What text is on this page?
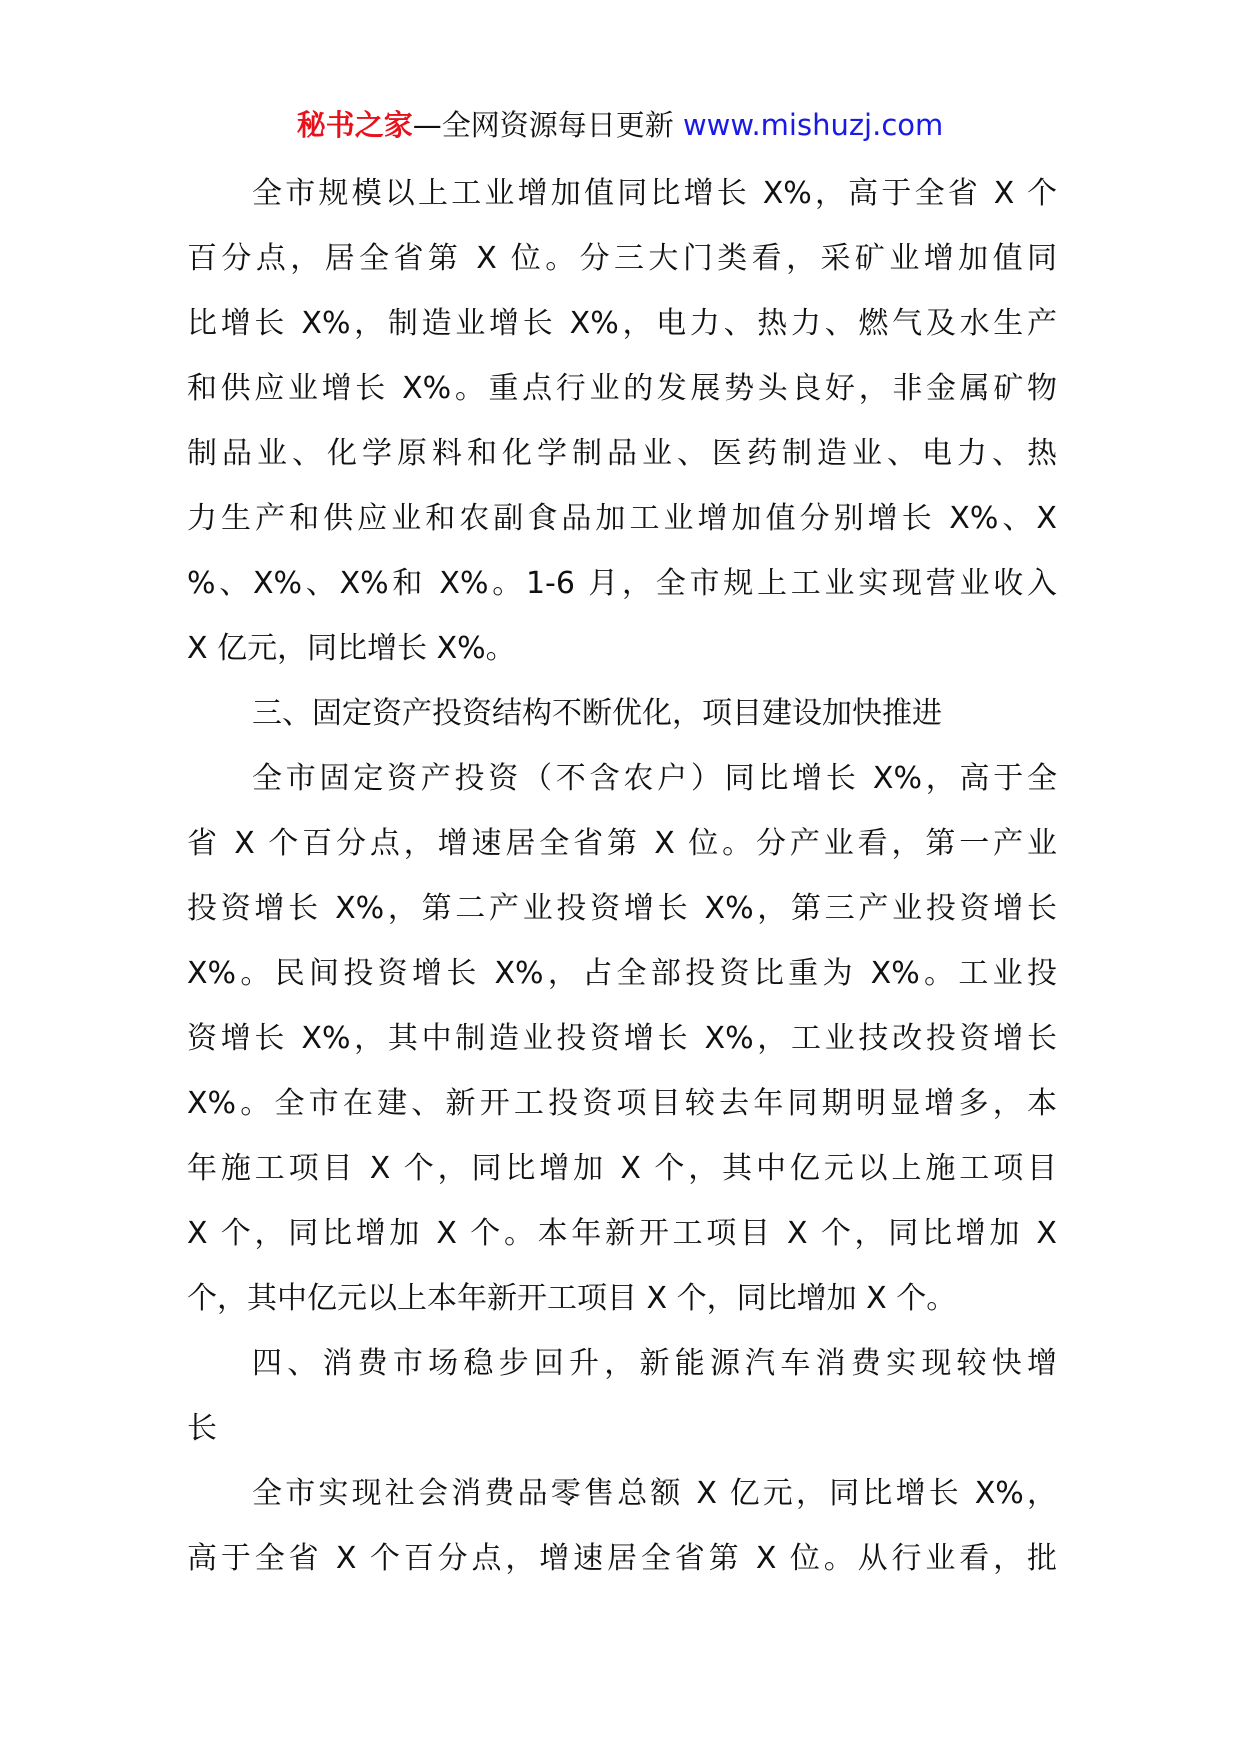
秘书之家—全网资源每日更新 www.mishuzj.com
全市规模以上工业增加值同比增长 X%，高于全省 X 个
百分点，居全省第 X 位。分三大门类看，采矿业增加值同
比增长 X%，制造业增长 X%，电力、热力、燃气及水生产
和供应业增长 X%。重点行业的发展势头良好，非金属矿物
制品业、化学原料和化学制品业、医药制造业、电力、热
力生产和供应业和农副食品加工业增加值分别增长 X%、X
%、X%、X%和 X%。1-6 月，全市规上工业实现营业收入
X 亿元，同比增长 X%。
三、固定资产投资结构不断优化，项目建设加快推进
全市固定资产投资（不含农户）同比增长 X%，高于全
省 X 个百分点，增速居全省第 X 位。分产业看，第一产业
投资增长 X%，第二产业投资增长 X%，第三产业投资增长
X%。民间投资增长 X%，占全部投资比重为 X%。工业投
资增长 X%，其中制造业投资增长 X%，工业技改投资增长
X%。全市在建、新开工投资项目较去年同期明显增多，本
年施工项目 X 个，同比增加 X 个，其中亿元以上施工项目
X 个，同比增加 X 个。本年新开工项目 X 个，同比增加 X
个，其中亿元以上本年新开工项目 X 个，同比增加 X 个。
四、消费市场稳步回升，新能源汽车消费实现较快增
长
全市实现社会消费品零售总额 X 亿元，同比增长 X%，
高于全省 X 个百分点，增速居全省第 X 位。从行业看，批
